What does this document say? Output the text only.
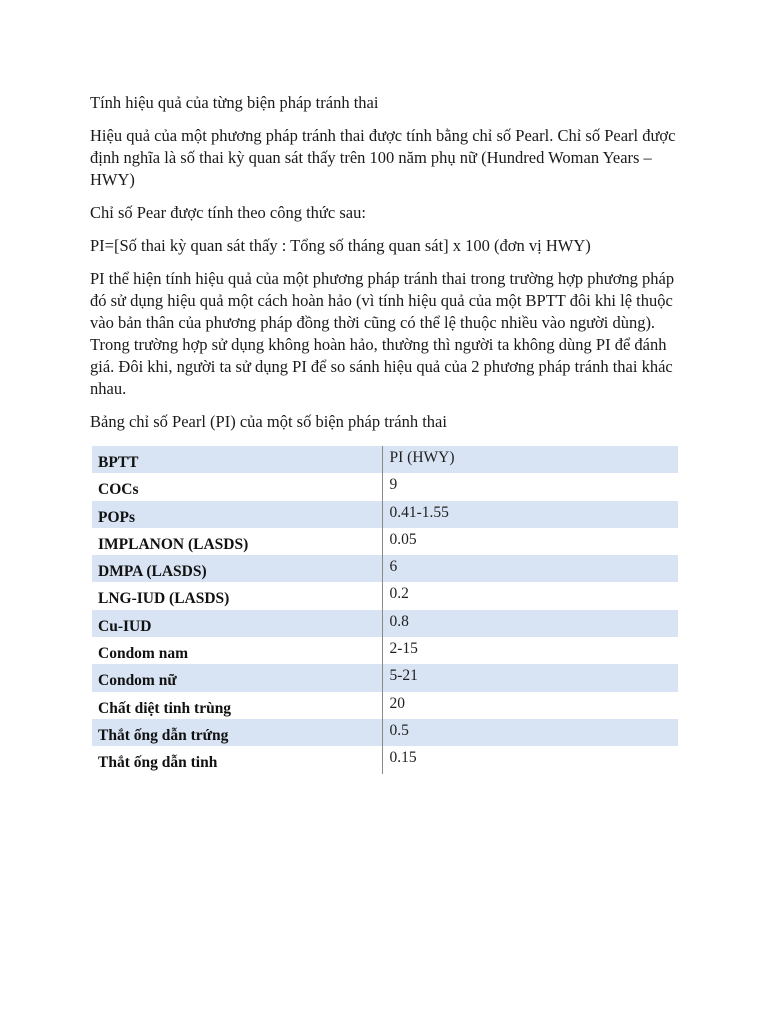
Tính hiệu quả của từng biện pháp tránh thai

Hiệu quả của một phương pháp tránh thai được tính bằng chỉ số Pearl. Chỉ số Pearl được định nghĩa là số thai kỳ quan sát thấy trên 100 năm phụ nữ (Hundred Woman Years – HWY)

Chỉ số Pear được tính theo công thức sau:

PI=[Số thai kỳ quan sát thấy : Tổng số tháng quan sát] x 100 (đơn vị HWY)

PI thể hiện tính hiệu quả của một phương pháp tránh thai trong trường hợp phương pháp đó sử dụng hiệu quả một cách hoàn hảo (vì tính hiệu quả của một BPTT đôi khi lệ thuộc vào bản thân của phương pháp đồng thời cũng có thể lệ thuộc nhiều vào người dùng). Trong trường hợp sử dụng không hoàn hảo, thường thì người ta không dùng PI để đánh giá. Đôi khi, người ta sử dụng PI để so sánh hiệu quả của 2 phương pháp tránh thai khác nhau.

Bảng chỉ số Pearl (PI) của một số biện pháp tránh thai

BPTT	PI (HWY)
COCs	9
POPs	0.41-1.55
IMPLANON (LASDS)	0.05
DMPA (LASDS)	6
LNG-IUD (LASDS)	0.2
Cu-IUD	0.8
Condom nam	2-15
Condom nữ	5-21
Chất diệt tinh trùng	20
Thắt ống dẫn trứng	0.5
Thắt ống dẫn tinh	0.15
